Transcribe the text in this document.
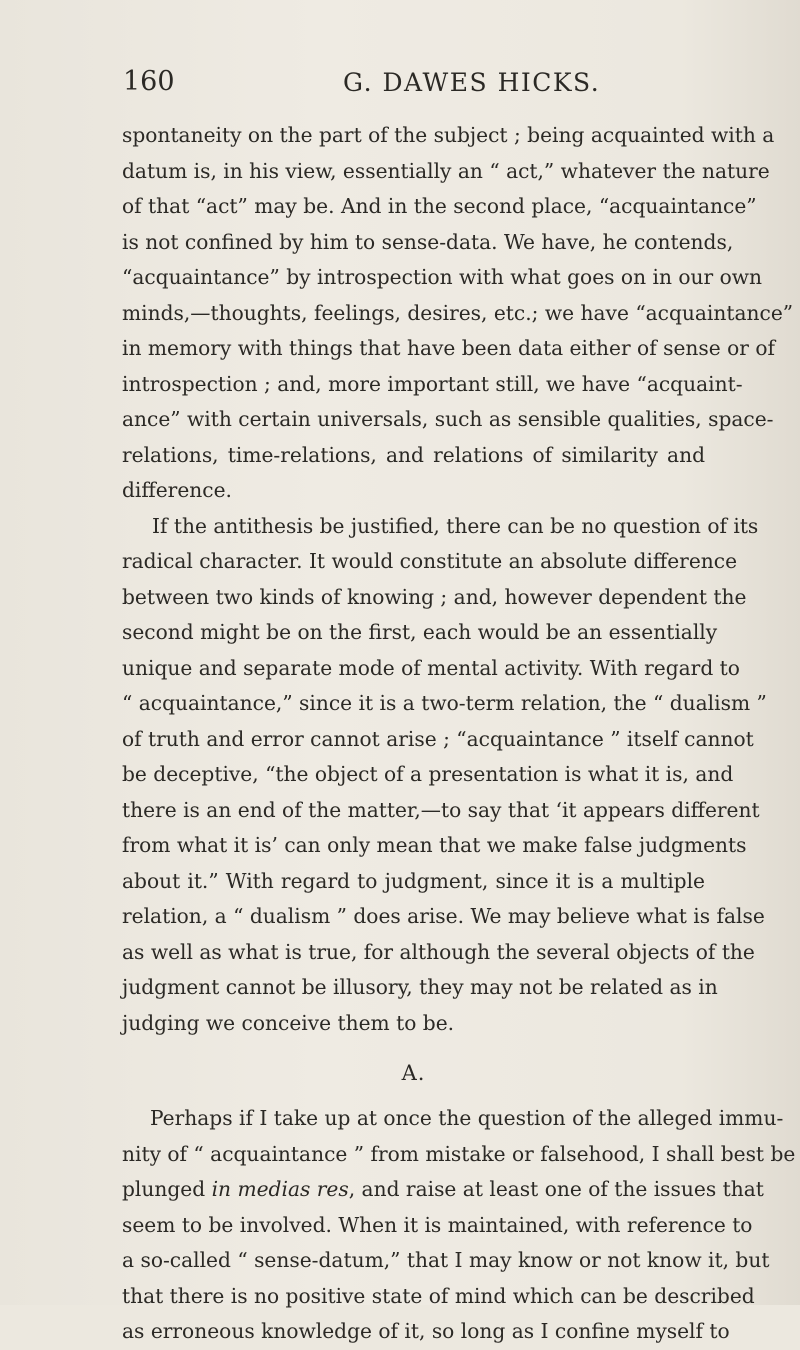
160	G. DAWES HICKS.
spontaneity on the part of the subject ; being acquainted with a
datum is, in his view, essentially an “ act,” whatever the nature
of that “act” may be. And in the second place, “acquaintance”
is not confined by him to sense-data. We have, he contends,
“acquaintance” by introspection with what goes on in our own
minds,—thoughts, feelings, desires, etc.; we have “acquaintance”
in memory with things that have been data either of sense or of
introspection ; and, more important still, we have “acquaint-
ance” with certain universals, such as sensible qualities, space-
relations, time-relations, and relations of similarity and
difference.
If the antithesis be justified, there can be no question of its
radical character. It would constitute an absolute difference
between two kinds of knowing ; and, however dependent the
second might be on the first, each would be an essentially
unique and separate mode of mental activity. With regard to
“ acquaintance,” since it is a two-term relation, the “ dualism ”
of truth and error cannot arise ; “acquaintance ” itself cannot
be deceptive, “the object of a presentation is what it is, and
there is an end of the matter,—to say that ‘it appears different
from what it is’ can only mean that we make false judgments
about it.” With regard to judgment, since it is a multiple
relation, a “ dualism ” does arise. We may believe what is false
as well as what is true, for although the several objects of the
judgment cannot be illusory, they may not be related as in
judging we conceive them to be.
A.
Perhaps if I take up at once the question of the alleged immu-
nity of “ acquaintance ” from mistake or falsehood, I shall best be
plunged in medias res, and raise at least one of the issues that
seem to be involved. When it is maintained, with reference to
a so-called “ sense-datum,” that I may know or not know it, but
that there is no positive state of mind which can be described
as erroneous knowledge of it, so long as I confine myself to
